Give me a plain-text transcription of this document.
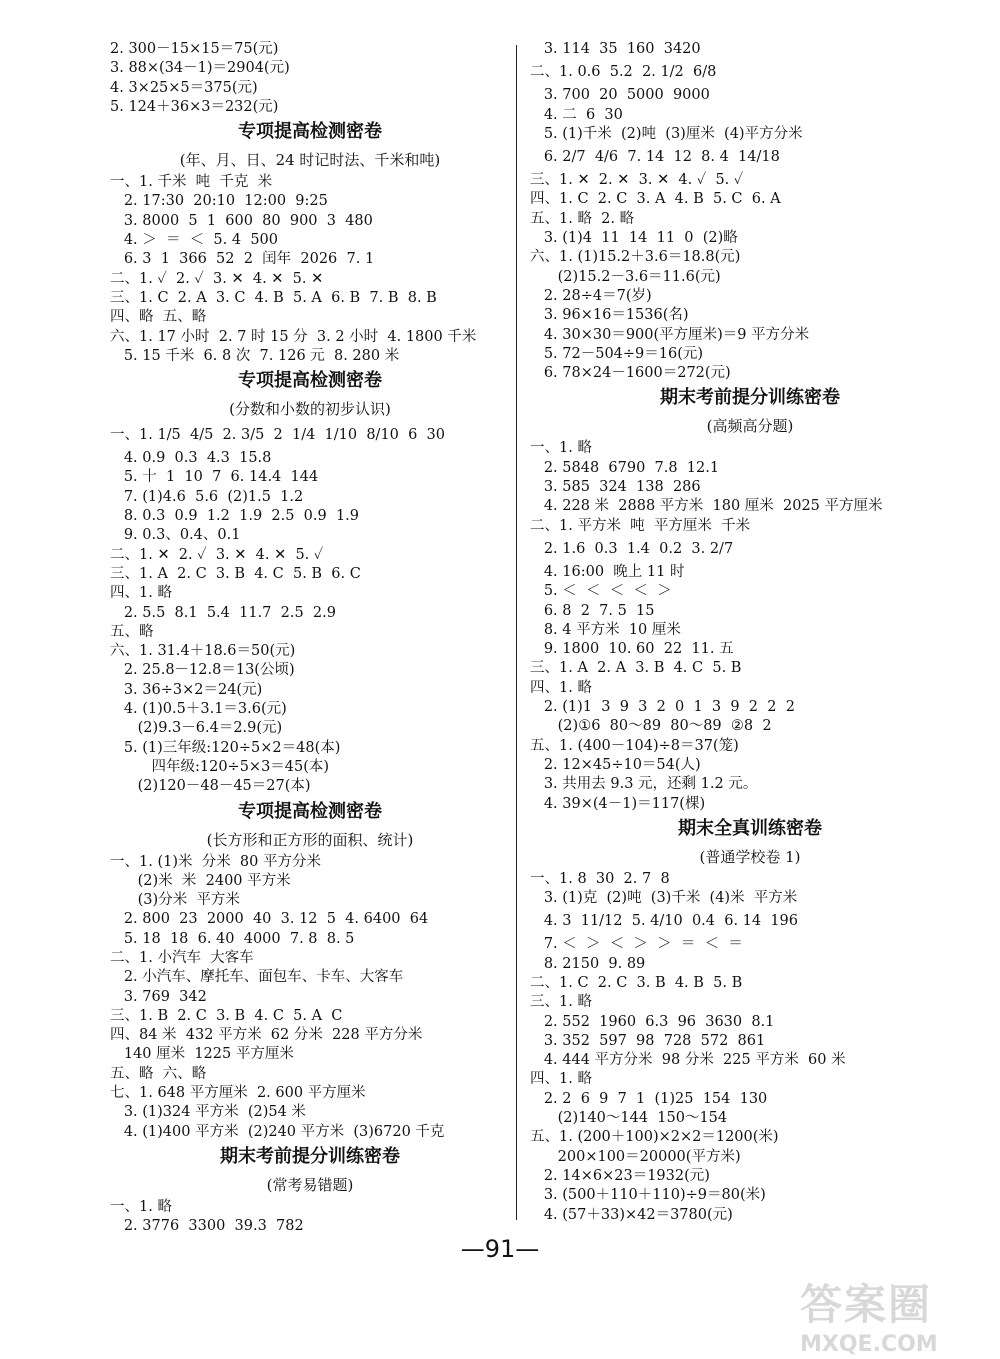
2. 300－15×15＝75(元)
3. 88×(34－1)＝2904(元)
4. 3×25×5＝375(元)
5. 124＋36×3＝232(元)
专项提高检测密卷
(年、月、日、24 时记时法、千米和吨)
一、1. 千米  吨  千克  米
2. 17:30  20:10  12:00  9:25
3. 8000  5  1  600  80  900  3  480
4. ＞  ＝  ＜  5. 4  500
6. 3  1  366  52  2  闰年  2026  7. 1
二、1. ✓  2. ✓  3. ✕  4. ✕  5. ✕
三、1. C  2. A  3. C  4. B  5. A  6. B  7. B  8. B
四、略  五、略
六、1. 17 小时  2. 7 时 15 分  3. 2 小时  4. 1800 千米
5. 15 千米  6. 8 次  7. 126 元  8. 280 米
专项提高检测密卷
(分数和小数的初步认识)
一、1. 1/5  4/5  2. 3/5  2  1/4  1/10  8/10  6  30
4. 0.9  0.3  4.3  15.8
5. 十  1  10  7  6. 14.4  144
7. (1)4.6  5.6  (2)1.5  1.2
8. 0.3  0.9  1.2  1.9  2.5  0.9  1.9
9. 0.3、0.4、0.1
二、1. ✕  2. ✓  3. ✕  4. ✕  5. ✓
三、1. A  2. C  3. B  4. C  5. B  6. C
四、1. 略
2. 5.5  8.1  5.4  11.7  2.5  2.9
五、略
六、1. 31.4＋18.6＝50(元)
2. 25.8－12.8＝13(公顷)
3. 36÷3×2＝24(元)
4. (1)0.5＋3.1＝3.6(元)
(2)9.3－6.4＝2.9(元)
5. (1)三年级:120÷5×2＝48(本)
四年级:120÷5×3＝45(本)
(2)120－48－45＝27(本)
专项提高检测密卷
(长方形和正方形的面积、统计)
一、1. (1)米  分米  80 平方分米
(2)米  米  2400 平方米
(3)分米  平方米
2. 800  23  2000  40  3. 12  5  4. 6400  64
5. 18  18  6. 40  4000  7. 8  8. 5
二、1. 小汽车  大客车
2. 小汽车、摩托车、面包车、卡车、大客车
3. 769  342
三、1. B  2. C  3. B  4. C  5. A  C
四、84 米  432 平方米  62 分米  228 平方分米
140 厘米  1225 平方厘米
五、略  六、略
七、1. 648 平方厘米  2. 600 平方厘米
3. (1)324 平方米  (2)54 米
4. (1)400 平方米  (2)240 平方米  (3)6720 千克
期末考前提分训练密卷
(常考易错题)
一、1. 略
2. 3776  3300  39.3  782
3. 114  35  160  3420
二、1. 0.6  5.2  2. 1/2  6/8
3. 700  20  5000  9000
4. 二  6  30
5. (1)千米  (2)吨  (3)厘米  (4)平方分米
6. 2/7  4/6  7. 14  12  8. 4  14/18
三、1. ✕  2. ✕  3. ✕  4. ✓  5. ✓
四、1. C  2. C  3. A  4. B  5. C  6. A
五、1. 略  2. 略
3. (1)4  11  14  11  0  (2)略
六、1. (1)15.2＋3.6＝18.8(元)
(2)15.2－3.6＝11.6(元)
2. 28÷4＝7(岁)
3. 96×16＝1536(名)
4. 30×30＝900(平方厘米)＝9 平方分米
5. 72－504÷9＝16(元)
6. 78×24－1600＝272(元)
期末考前提分训练密卷
(高频高分题)
一、1. 略
2. 5848  6790  7.8  12.1
3. 585  324  138  286
4. 228 米  2888 平方米  180 厘米  2025 平方厘米
二、1. 平方米  吨  平方厘米  千米
2. 1.6  0.3  1.4  0.2  3. 2/7
4. 16:00  晚上 11 时
5. ＜  ＜  ＜  ＜  ＞
6. 8  2  7. 5  15
8. 4 平方米  10 厘米
9. 1800  10. 60  22  11. 五
三、1. A  2. A  3. B  4. C  5. B
四、1. 略
2. (1)1  3  9  3  2  0  1  3  9  2  2  2
(2)①6  80～89  80～89  ②8  2
五、1. (400－104)÷8＝37(笼)
2. 12×45÷10＝54(人)
3. 共用去 9.3 元，还剩 1.2 元。
4. 39×(4－1)＝117(棵)
期末全真训练密卷
(普通学校卷 1)
一、1. 8  30  2. 7  8
3. (1)克  (2)吨  (3)千米  (4)米  平方米
4. 3  11/12  5. 4/10  0.4  6. 14  196
7. ＜  ＞  ＜  ＞  ＞  ＝  ＜  ＝
8. 2150  9. 89
二、1. C  2. C  3. B  4. B  5. B
三、1. 略
2. 552  1960  6.3  96  3630  8.1
3. 352  597  98  728  572  861
4. 444 平方分米  98 分米  225 平方米  60 米
四、1. 略
2. 2  6  9  7  1  (1)25  154  130
(2)140～144  150～154
五、1. (200＋100)×2×2＝1200(米)
200×100＝20000(平方米)
2. 14×6×23＝1932(元)
3. (500＋110＋110)÷9＝80(米)
4. (57＋33)×42＝3780(元)
—91—
答案圈
MXQE.COM
